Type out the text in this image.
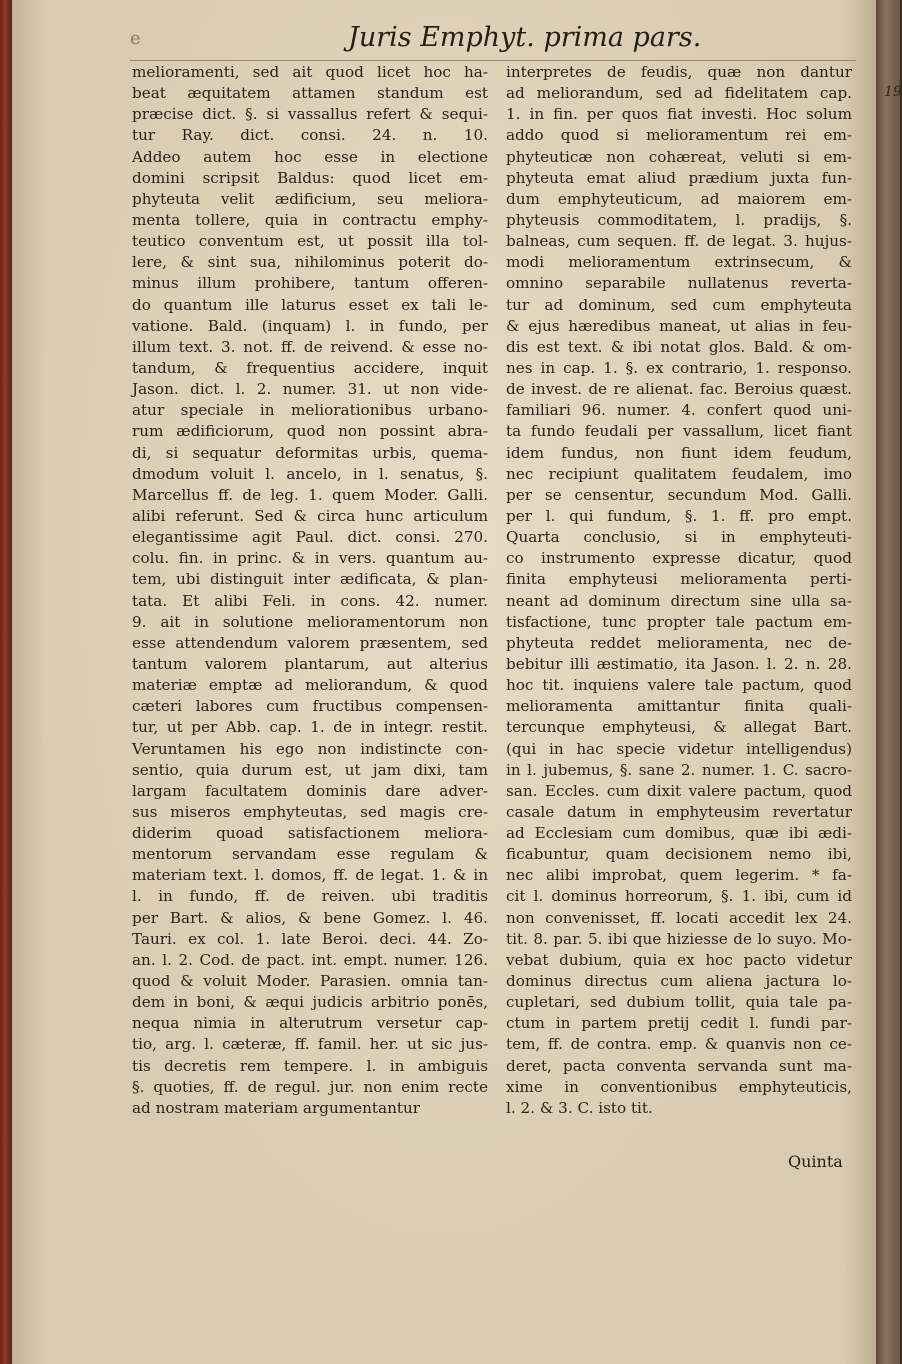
19
e	Juris Emphyt. prima pars.
melioramenti, sed ait quod licet hoc ha-
beat æquitatem attamen standum est
præcise dict. §. si vassallus refert & sequi-
tur Ray. dict. consi. 24. n. 10.
Addeo autem hoc esse in electione
domini scripsit Baldus: quod licet em-
phyteuta velit ædificium, seu meliora-
menta tollere, quia in contractu emphy-
teutico conventum est, ut possit illa tol-
lere, & sint sua, nihilominus poterit do-
minus illum prohibere, tantum offeren-
do quantum ille laturus esset ex tali le-
vatione. Bald. (inquam) l. in fundo, per
illum text. 3. not. ff. de reivend. & esse no-
tandum, & frequentius accidere, inquit
Jason. dict. l. 2. numer. 31. ut non vide-
atur speciale in meliorationibus urbano-
rum ædificiorum, quod non possint abra-
di, si sequatur deformitas urbis, quema-
dmodum voluit l. ancelo, in l. senatus, §.
Marcellus ff. de leg. 1. quem Moder. Galli.
alibi referunt. Sed & circa hunc articulum
elegantissime agit Paul. dict. consi. 270.
colu. fin. in princ. & in vers. quantum au-
tem, ubi distinguit inter ædificata, & plan-
tata. Et alibi Feli. in cons. 42. numer.
9. ait in solutione melioramentorum non
esse attendendum valorem præsentem, sed
tantum valorem plantarum, aut alterius
materiæ emptæ ad meliorandum, & quod
cæteri labores cum fructibus compensen-
tur, ut per Abb. cap. 1. de in integr. restit.
Veruntamen his ego non indistincte con-
sentio, quia durum est, ut jam dixi, tam
largam facultatem dominis dare adver-
sus miseros emphyteutas, sed magis cre-
diderim quoad satisfactionem meliora-
mentorum servandam esse regulam &
materiam text. l. domos, ff. de legat. 1. & in
l. in fundo, ff. de reiven. ubi traditis
per Bart. & alios, & bene Gomez. l. 46.
Tauri. ex col. 1. late Beroi. deci. 44. Zo-
an. l. 2. Cod. de pact. int. empt. numer. 126.
quod & voluit Moder. Parasien. omnia tan-
dem in boni, & æqui judicis arbitrio ponēs,
nequa nimia in alterutrum versetur cap-
tio, arg. l. cæteræ, ff. famil. her. ut sic jus-
tis decretis rem tempere. l. in ambiguis
§. quoties, ff. de regul. jur. non enim recte
ad nostram materiam argumentantur
interpretes de feudis, quæ non dantur
ad meliorandum, sed ad fidelitatem cap.
1. in fin. per quos fiat investi. Hoc solum
addo quod si melioramentum rei em-
phyteuticæ non cohæreat, veluti si em-
phyteuta emat aliud prædium juxta fun-
dum emphyteuticum, ad maiorem em-
phyteusis commoditatem, l. pradijs, §.
balneas, cum sequen. ff. de legat. 3. hujus-
modi melioramentum extrinsecum, &
omnino separabile nullatenus reverta-
tur ad dominum, sed cum emphyteuta
& ejus hæredibus maneat, ut alias in feu-
dis est text. & ibi notat glos. Bald. & om-
nes in cap. 1. §. ex contrario, 1. responso.
de invest. de re alienat. fac. Beroius quæst.
familiari 96. numer. 4. confert quod uni-
ta fundo feudali per vassallum, licet fiant
idem fundus, non fiunt idem feudum,
nec recipiunt qualitatem feudalem, imo
per se censentur, secundum Mod. Galli.
per l. qui fundum, §. 1. ff. pro empt.
Quarta conclusio, si in emphyteuti-
co instrumento expresse dicatur, quod
finita emphyteusi melioramenta perti-
neant ad dominum directum sine ulla sa-
tisfactione, tunc propter tale pactum em-
phyteuta reddet melioramenta, nec de-
bebitur illi æstimatio, ita Jason. l. 2. n. 28.
hoc tit. inquiens valere tale pactum, quod
melioramenta amittantur finita quali-
tercunque emphyteusi, & allegat Bart.
(qui in hac specie videtur intelligendus)
in l. jubemus, §. sane 2. numer. 1. C. sacro-
san. Eccles. cum dixit valere pactum, quod
casale datum in emphyteusim revertatur
ad Ecclesiam cum domibus, quæ ibi ædi-
ficabuntur, quam decisionem nemo ibi,
nec alibi improbat, quem legerim. * fa-
cit l. dominus horreorum, §. 1. ibi, cum id
non convenisset, ff. locati accedit lex 24.
tit. 8. par. 5. ibi que hiziesse de lo suyo. Mo-
vebat dubium, quia ex hoc pacto videtur
dominus directus cum aliena jactura lo-
cupletari, sed dubium tollit, quia tale pa-
ctum in partem pretij cedit l. fundi par-
tem, ff. de contra. emp. & quanvis non ce-
deret, pacta conventa servanda sunt ma-
xime in conventionibus emphyteuticis,
l. 2. & 3. C. isto tit.
Quinta
